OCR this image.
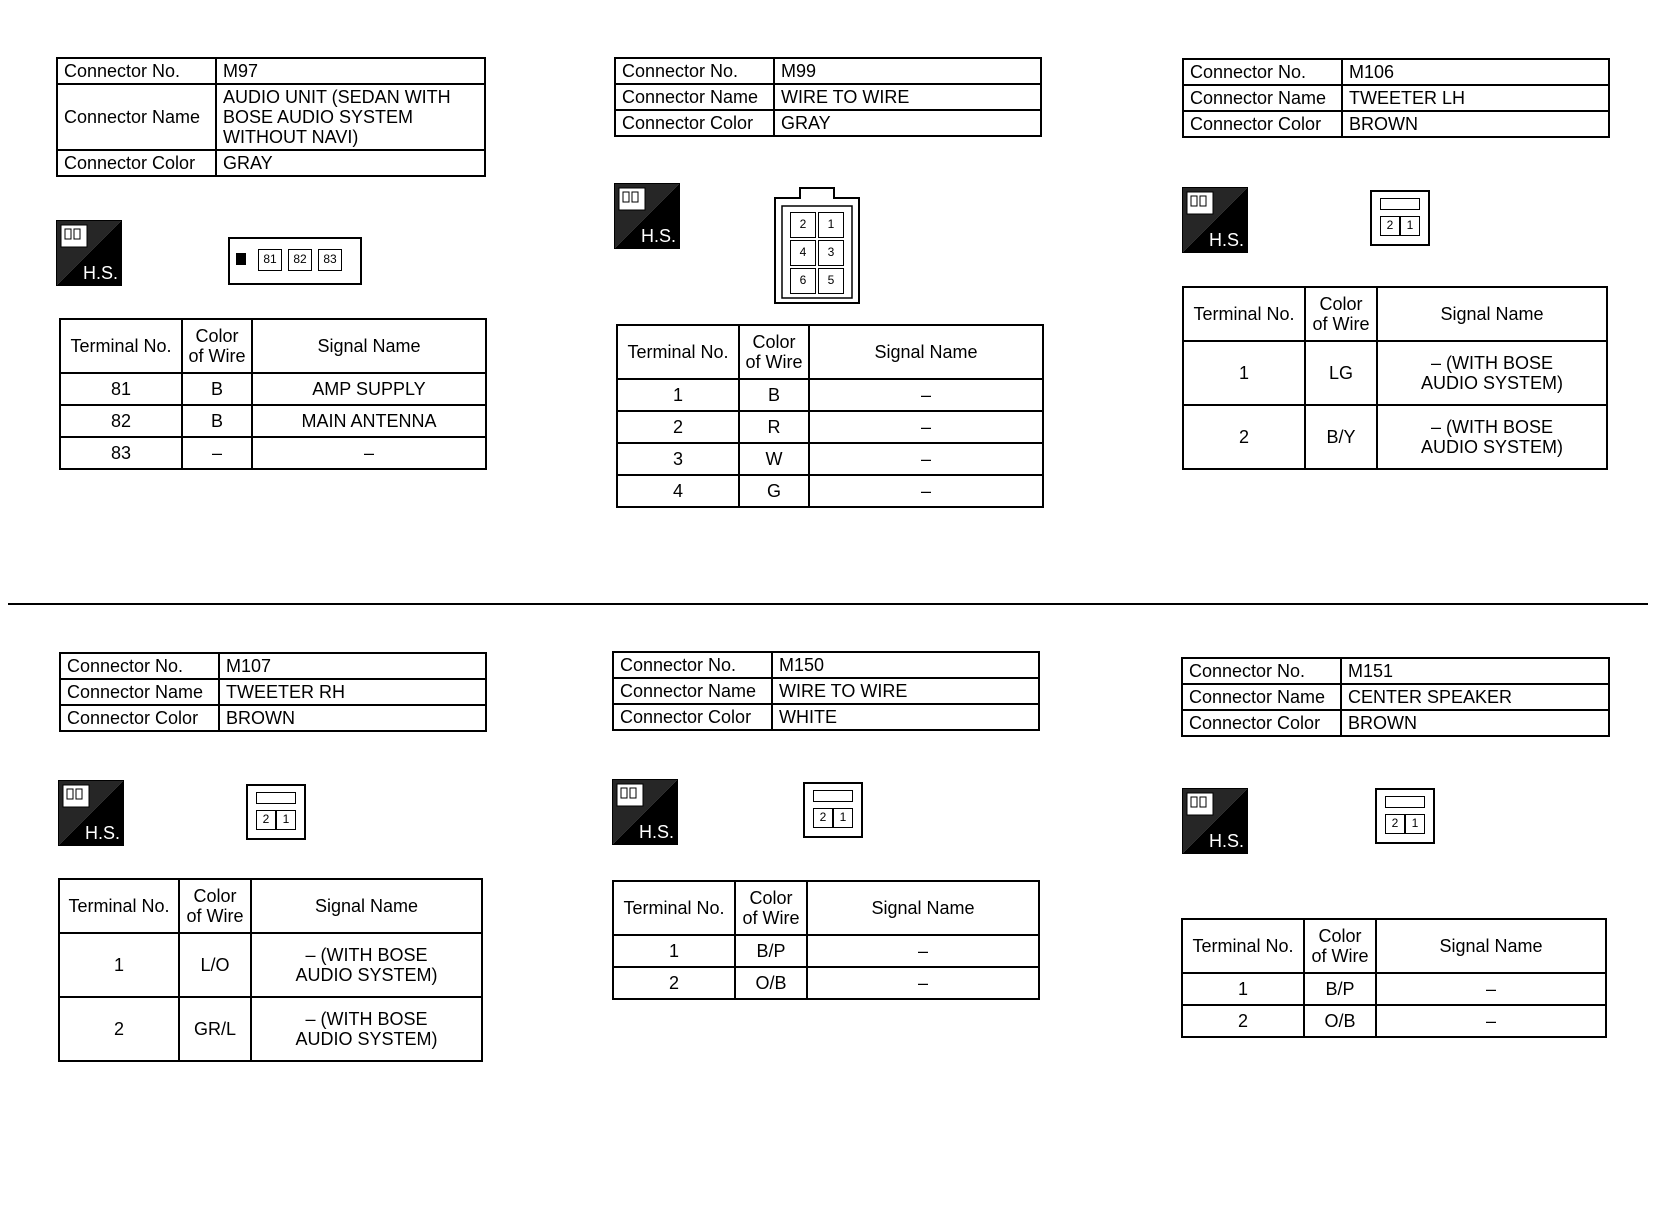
Connector No.	M97
Connector Name	AUDIO UNIT (SEDAN WITH BOSE AUDIO SYSTEM WITHOUT NAVI)
Connector Color	GRAY
H.S.
81	82	83
Terminal No.	Color of Wire	Signal Name
81	B	AMP SUPPLY
82	B	MAIN ANTENNA
83	–	–
Connector No.	M99
Connector Name	WIRE TO WIRE
Connector Color	GRAY
H.S.
2	1
4	3
6	5
Terminal No.	Color of Wire	Signal Name
1	B	–
2	R	–
3	W	–
4	G	–
Connector No.	M106
Connector Name	TWEETER LH
Connector Color	BROWN
H.S.
2	1
Terminal No.	Color of Wire	Signal Name
1	LG	– (WITH BOSE AUDIO SYSTEM)
2	B/Y	– (WITH BOSE AUDIO SYSTEM)
Connector No.	M107
Connector Name	TWEETER RH
Connector Color	BROWN
H.S.
2	1
Terminal No.	Color of Wire	Signal Name
1	L/O	– (WITH BOSE AUDIO SYSTEM)
2	GR/L	– (WITH BOSE AUDIO SYSTEM)
Connector No.	M150
Connector Name	WIRE TO WIRE
Connector Color	WHITE
H.S.
2	1
Terminal No.	Color of Wire	Signal Name
1	B/P	–
2	O/B	–
Connector No.	M151
Connector Name	CENTER SPEAKER
Connector Color	BROWN
H.S.
2	1
Terminal No.	Color of Wire	Signal Name
1	B/P	–
2	O/B	–
